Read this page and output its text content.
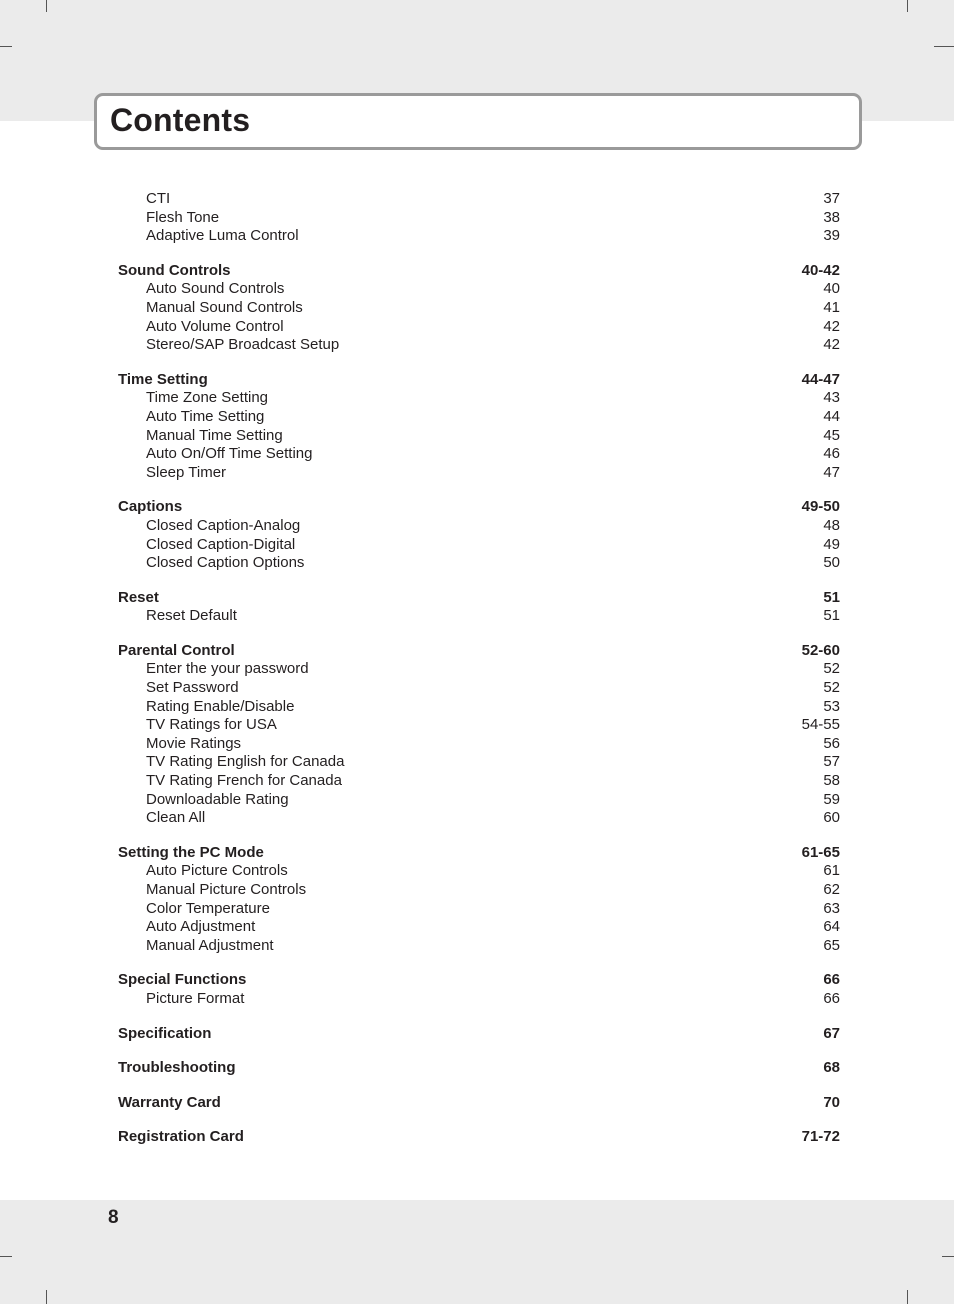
Contents
CTI	37
Flesh Tone	38
Adaptive Luma Control	39
Sound Controls	40-42
Auto Sound Controls	40
Manual Sound Controls	41
Auto Volume Control	42
Stereo/SAP Broadcast Setup	42
Time Setting	44-47
Time Zone Setting	43
Auto Time Setting	44
Manual Time Setting	45
Auto On/Off Time Setting	46
Sleep Timer	47
Captions	49-50
Closed Caption-Analog	48
Closed Caption-Digital	49
Closed Caption Options	50
Reset	51
Reset Default	51
Parental Control	52-60
Enter the your password	52
Set Password	52
Rating Enable/Disable	53
TV Ratings for USA	54-55
Movie Ratings	56
TV Rating English for Canada	57
TV Rating French for Canada	58
Downloadable Rating	59
Clean All	60
Setting the PC Mode	61-65
Auto Picture Controls	61
Manual Picture Controls	62
Color Temperature	63
Auto Adjustment	64
Manual Adjustment	65
Special Functions	66
Picture Format	66
Specification	67
Troubleshooting	68
Warranty Card	70
Registration Card	71-72
8
